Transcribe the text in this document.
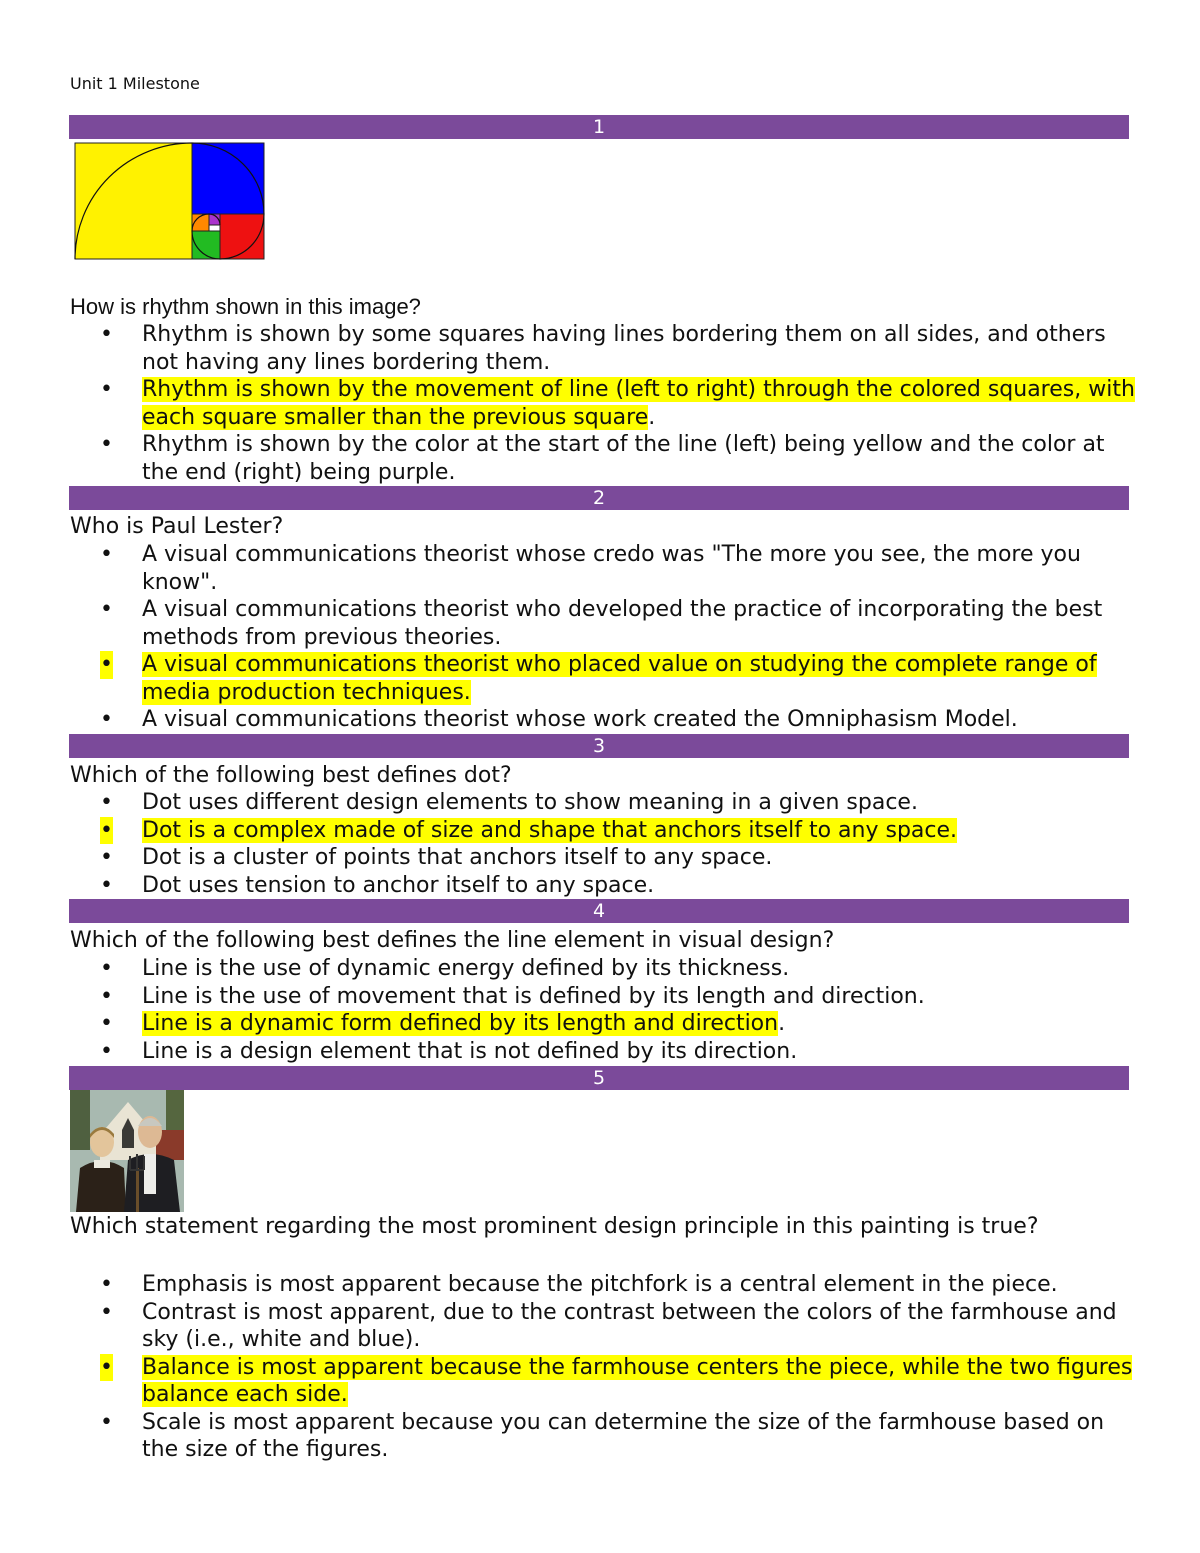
Unit 1 Milestone
1
How is rhythm shown in this image?
• Rhythm is shown by some squares having lines bordering them on all sides, and others not having any lines bordering them.
• Rhythm is shown by the movement of line (left to right) through the colored squares, with each square smaller than the previous square.
• Rhythm is shown by the color at the start of the line (left) being yellow and the color at the end (right) being purple.
2
Who is Paul Lester?
• A visual communications theorist whose credo was "The more you see, the more you know".
• A visual communications theorist who developed the practice of incorporating the best methods from previous theories.
• A visual communications theorist who placed value on studying the complete range of media production techniques.
• A visual communications theorist whose work created the Omniphasism Model.
3
Which of the following best defines dot?
• Dot uses different design elements to show meaning in a given space.
• Dot is a complex made of size and shape that anchors itself to any space.
• Dot is a cluster of points that anchors itself to any space.
• Dot uses tension to anchor itself to any space.
4
Which of the following best defines the line element in visual design?
• Line is the use of dynamic energy defined by its thickness.
• Line is the use of movement that is defined by its length and direction.
• Line is a dynamic form defined by its length and direction.
• Line is a design element that is not defined by its direction.
5
Which statement regarding the most prominent design principle in this painting is true?
• Emphasis is most apparent because the pitchfork is a central element in the piece.
• Contrast is most apparent, due to the contrast between the colors of the farmhouse and sky (i.e., white and blue).
• Balance is most apparent because the farmhouse centers the piece, while the two figures balance each side.
• Scale is most apparent because you can determine the size of the farmhouse based on the size of the figures.
